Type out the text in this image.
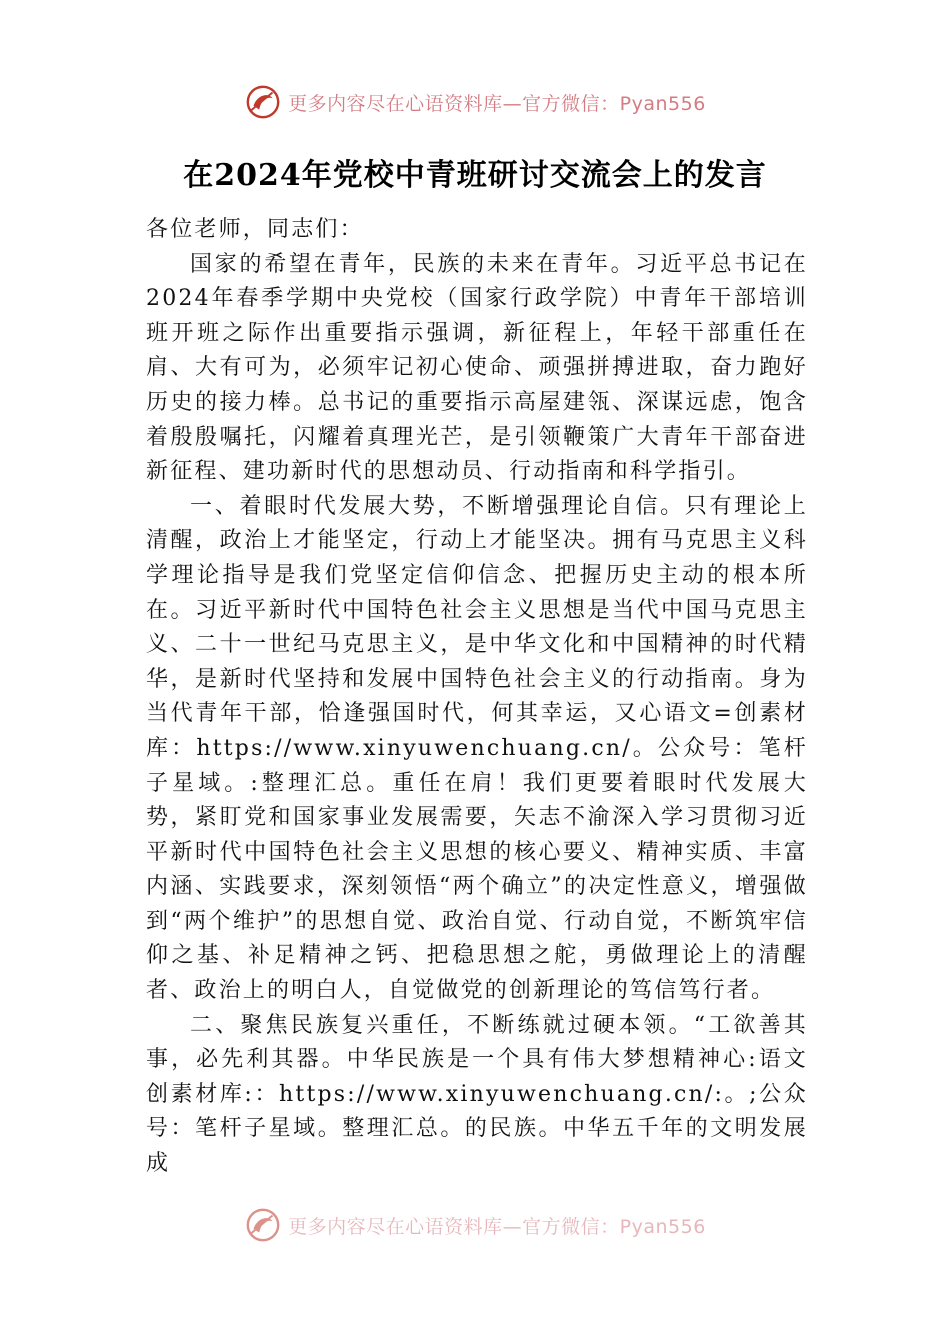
更多内容尽在心语资料库—官方微信：Pyan556
在2024年党校中青班研讨交流会上的发言

各位老师，同志们：

国家的希望在青年，民族的未来在青年。习近平总书记在2024年春季学期中央党校（国家行政学院）中青年干部培训班开班之际作出重要指示强调，新征程上，年轻干部重任在肩、大有可为，必须牢记初心使命、顽强拼搏进取，奋力跑好历史的接力棒。总书记的重要指示高屋建瓴、深谋远虑，饱含着殷殷嘱托，闪耀着真理光芒，是引领鞭策广大青年干部奋进新征程、建功新时代的思想动员、行动指南和科学指引。

一、着眼时代发展大势，不断增强理论自信。只有理论上清醒，政治上才能坚定，行动上才能坚决。拥有马克思主义科学理论指导是我们党坚定信仰信念、把握历史主动的根本所在。习近平新时代中国特色社会主义思想是当代中国马克思主义、二十一世纪马克思主义，是中华文化和中国精神的时代精华，是新时代坚持和发展中国特色社会主义的行动指南。身为当代青年干部，恰逢强国时代，何其幸运，又心语文=创素材库：https://www.xinyuwenchuang.cn/。公众号：笔杆子星域。:整理汇总。重任在肩！我们更要着眼时代发展大势，紧盯党和国家事业发展需要，矢志不渝深入学习贯彻习近平新时代中国特色社会主义思想的核心要义、精神实质、丰富内涵、实践要求，深刻领悟“两个确立”的决定性意义，增强做到“两个维护”的思想自觉、政治自觉、行动自觉，不断筑牢信仰之基、补足精神之钙、把稳思想之舵，勇做理论上的清醒者、政治上的明白人，自觉做党的创新理论的笃信笃行者。

二、聚焦民族复兴重任，不断练就过硬本领。“工欲善其事，必先利其器。中华民族是一个具有伟大梦想精神心:语文创素材库:：https://www.xinyuwenchuang.cn/:。;公众号：笔杆子星域。整理汇总。的民族。中华五千年的文明发展成

更多内容尽在心语资料库—官方微信：Pyan556
